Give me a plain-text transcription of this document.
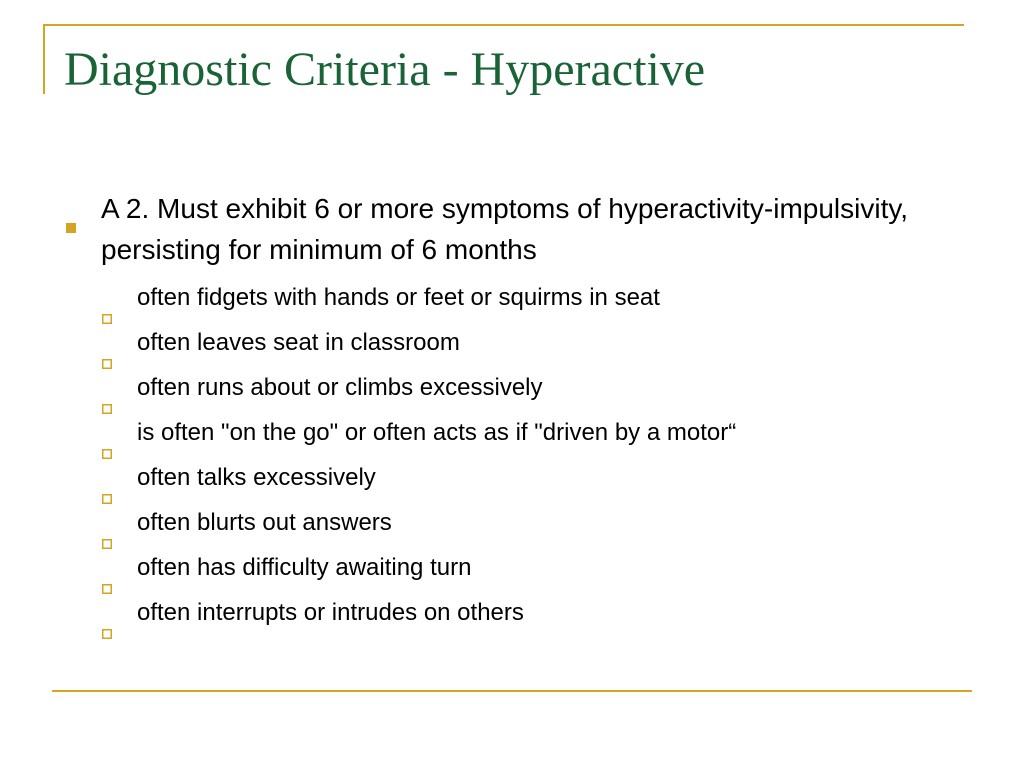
Diagnostic Criteria - Hyperactive
A 2. Must exhibit 6 or more symptoms of hyperactivity-impulsivity, persisting for minimum of 6 months
often fidgets with hands or feet or squirms in seat
often leaves seat in classroom
often runs about or climbs excessively
is often "on the go" or often acts as if "driven by a motor“
often talks excessively
often blurts out answers
often has difficulty awaiting turn
often interrupts or intrudes on others
